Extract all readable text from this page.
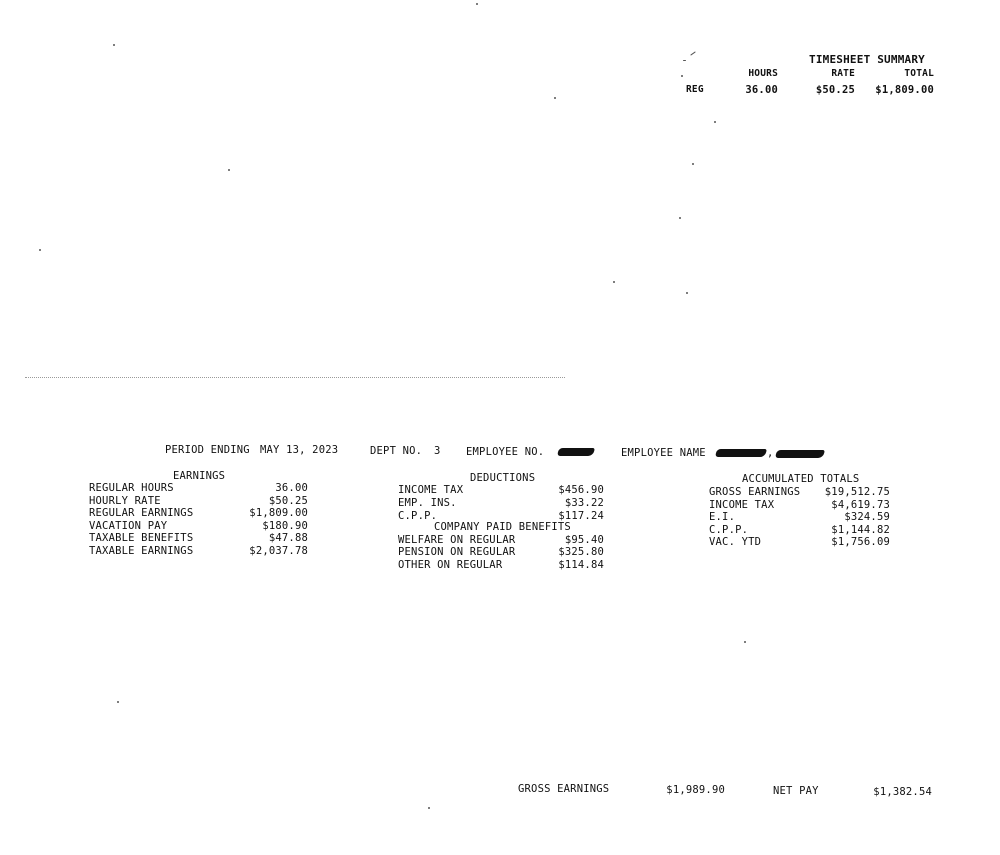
TIMESHEET SUMMARY
HOURS	RATE	TOTAL
REG	36.00	$50.25	$1,809.00
PERIOD ENDING MAY 13, 2023	DEPT NO. 3 EMPLOYEE NO.	EMPLOYEE NAME	,
EARNINGS
REGULAR HOURS	36.00
HOURLY RATE	$50.25
REGULAR EARNINGS	$1,809.00
VACATION PAY	$180.90
TAXABLE BENEFITS	$47.88
TAXABLE EARNINGS	$2,037.78
DEDUCTIONS
INCOME TAX	$456.90
EMP. INS.	$33.22
C.P.P.	$117.24
COMPANY PAID BENEFITS
WELFARE ON REGULAR	$95.40
PENSION ON REGULAR	$325.80
OTHER ON REGULAR	$114.84
ACCUMULATED TOTALS
GROSS EARNINGS	$19,512.75
INCOME TAX	$4,619.73
E.I.	$324.59
C.P.P.	$1,144.82
VAC. YTD	$1,756.09
GROSS EARNINGS	$1,989.90	NET PAY	$1,382.54
